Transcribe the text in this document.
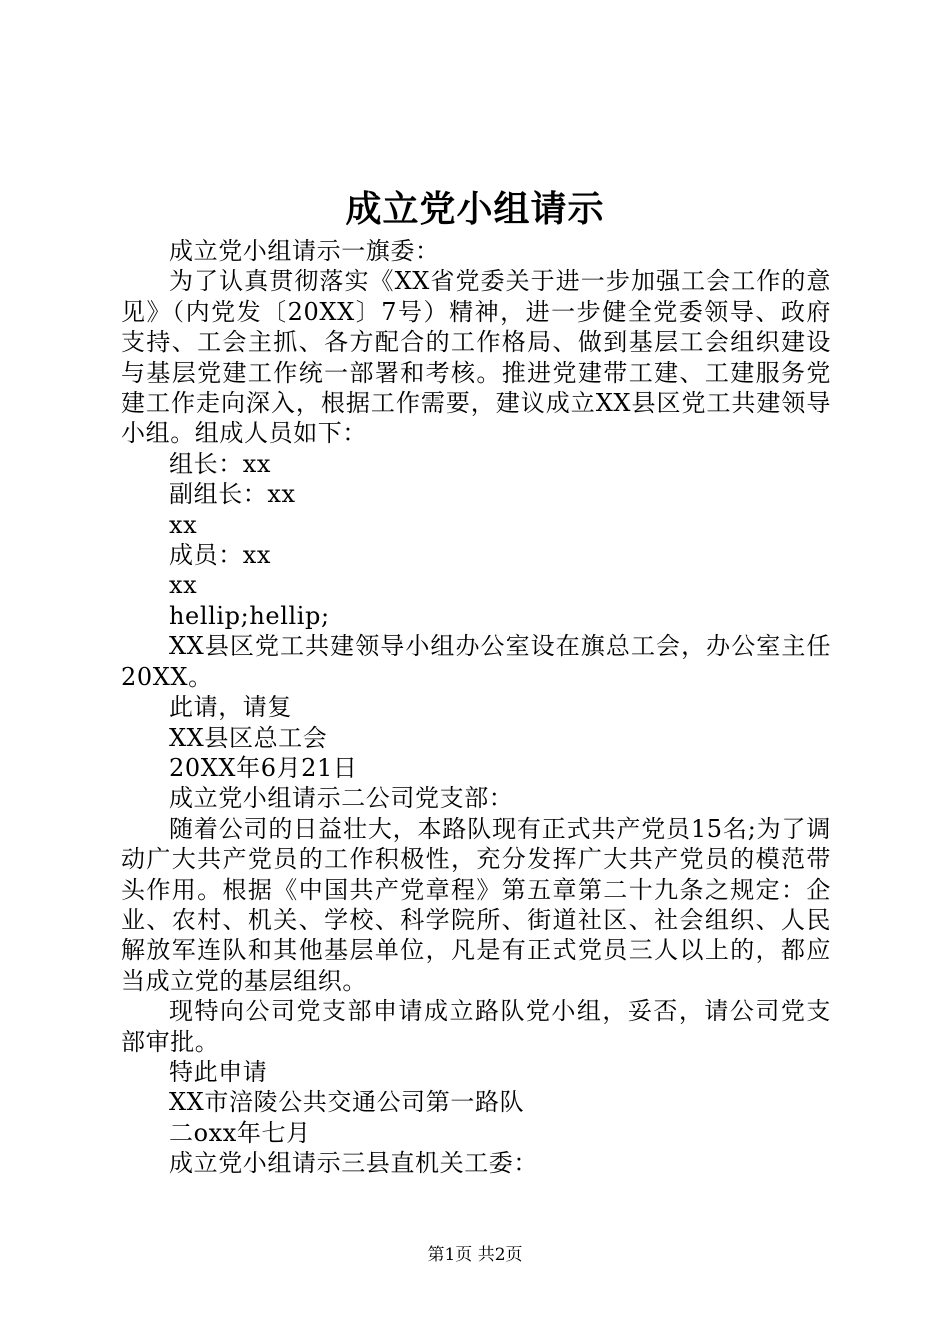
成立党小组请示

成立党小组请示一旗委：

为了认真贯彻落实《XX省党委关于进一步加强工会工作的意见》（内党发〔20XX〕7号）精神，进一步健全党委领导、政府支持、工会主抓、各方配合的工作格局、做到基层工会组织建设与基层党建工作统一部署和考核。推进党建带工建、工建服务党建工作走向深入，根据工作需要，建议成立XX县区党工共建领导小组。组成人员如下：

组长：xx

副组长：xx

xx

成员：xx

xx

hellip;hellip;

XX县区党工共建领导小组办公室设在旗总工会，办公室主任20XX。

此请，请复

XX县区总工会

20XX年6月21日

成立党小组请示二公司党支部：

随着公司的日益壮大，本路队现有正式共产党员15名;为了调动广大共产党员的工作积极性，充分发挥广大共产党员的模范带头作用。根据《中国共产党章程》第五章第二十九条之规定：企业、农村、机关、学校、科学院所、街道社区、社会组织、人民解放军连队和其他基层单位，凡是有正式党员三人以上的，都应当成立党的基层组织。

现特向公司党支部申请成立路队党小组，妥否，请公司党支部审批。

特此申请

XX市涪陵公共交通公司第一路队

二oxx年七月

成立党小组请示三县直机关工委：

第1页 共2页
